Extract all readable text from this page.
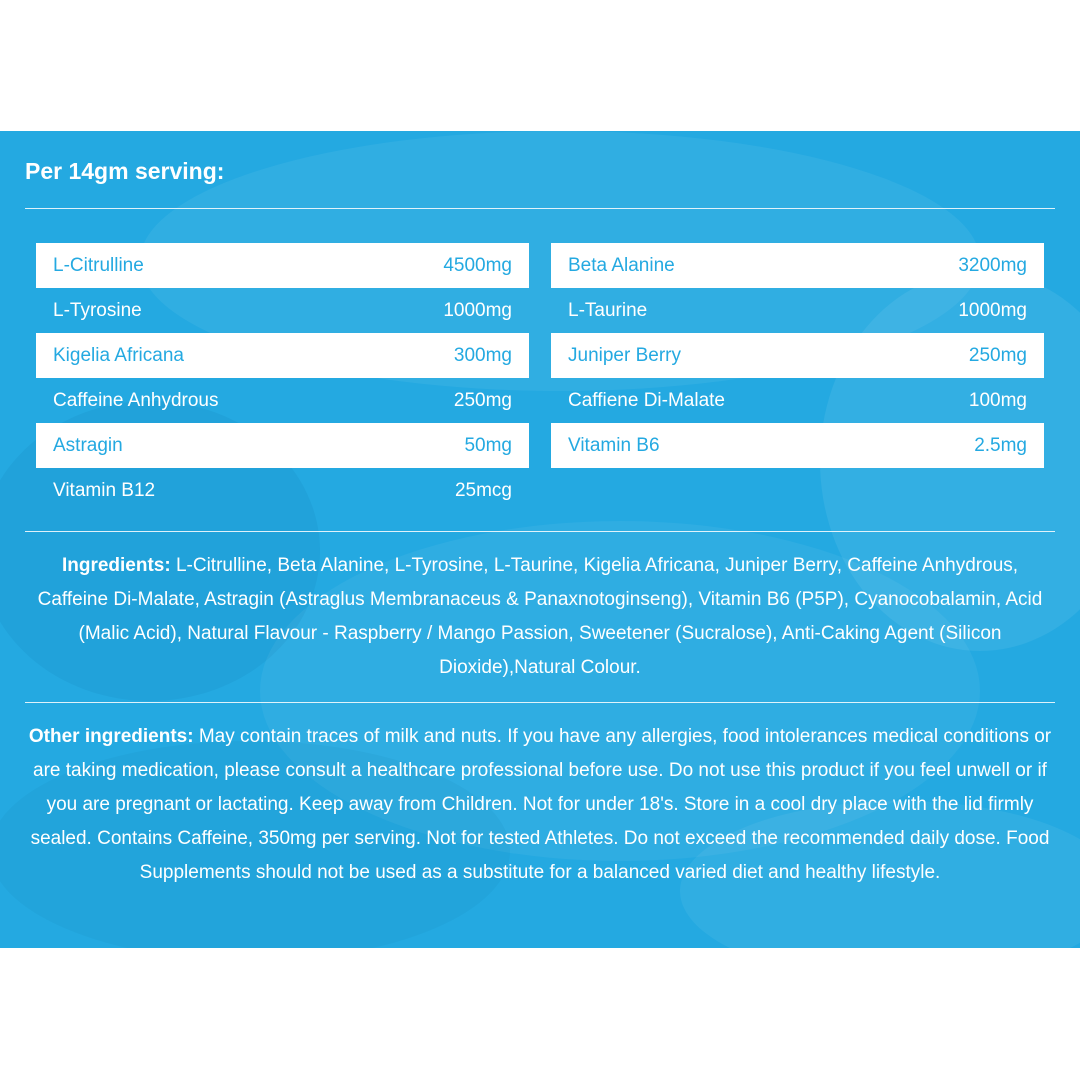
Per 14gm serving:
L-Citrulline	4500mg
L-Tyrosine	1000mg
Kigelia Africana	300mg
Caffeine Anhydrous	250mg
Astragin	50mg
Vitamin B12	25mcg
Beta Alanine	3200mg
L-Taurine	1000mg
Juniper Berry	250mg
Caffiene Di-Malate	100mg
Vitamin B6	2.5mg

Ingredients: L-Citrulline, Beta Alanine, L-Tyrosine, L-Taurine, Kigelia Africana, Juniper Berry, Caffeine Anhydrous, Caffeine Di-Malate, Astragin (Astraglus Membranaceus & Panaxnotoginseng), Vitamin B6 (P5P), Cyanocobalamin, Acid (Malic Acid), Natural Flavour - Raspberry / Mango Passion, Sweetener (Sucralose), Anti-Caking Agent (Silicon Dioxide),Natural Colour.

Other ingredients: May contain traces of milk and nuts. If you have any allergies, food intolerances medical conditions or are taking medication, please consult a healthcare professional before use. Do not use this product if you feel unwell or if you are pregnant or lactating. Keep away from Children. Not for under 18's. Store in a cool dry place with the lid firmly sealed. Contains Caffeine, 350mg per serving. Not for tested Athletes. Do not exceed the recommended daily dose. Food Supplements should not be used as a substitute for a balanced varied diet and healthy lifestyle.
